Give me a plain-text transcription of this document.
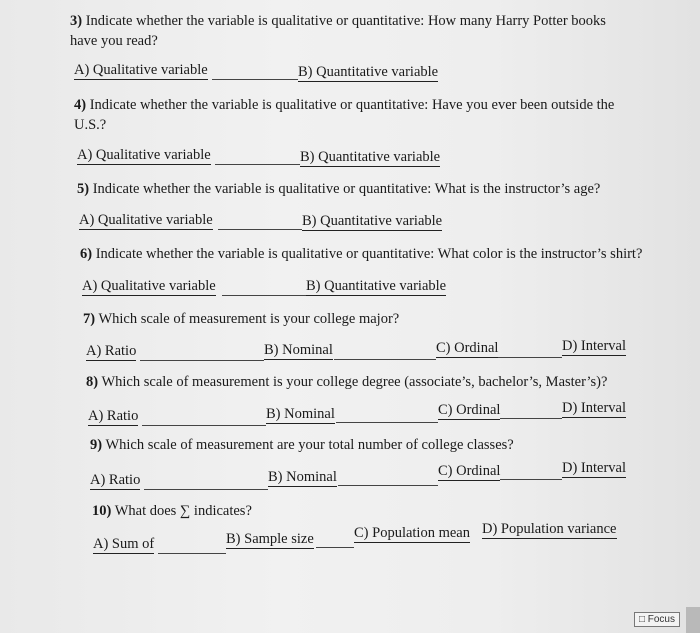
3) Indicate whether the variable is qualitative or quantitative: How many Harry Potter books have you read?
A) Qualitative variable	B) Quantitative variable
4) Indicate whether the variable is qualitative or quantitative: Have you ever been outside the U.S.?
A) Qualitative variable	B) Quantitative variable
5) Indicate whether the variable is qualitative or quantitative: What is the instructor’s age?
A) Qualitative variable	B) Quantitative variable
6) Indicate whether the variable is qualitative or quantitative: What color is the instructor’s shirt?
A) Qualitative variable	B) Quantitative variable
7) Which scale of measurement is your college major?
A) Ratio	B) Nominal	C) Ordinal	D) Interval
8) Which scale of measurement is your college degree (associate’s, bachelor’s, Master’s)?
A) Ratio	B) Nominal	C) Ordinal	D) Interval
9) Which scale of measurement are your total number of college classes?
A) Ratio	B) Nominal	C) Ordinal	D) Interval
10) What does ∑ indicates?
A) Sum of	B) Sample size	C) Population mean D) Population variance
□ Focus
